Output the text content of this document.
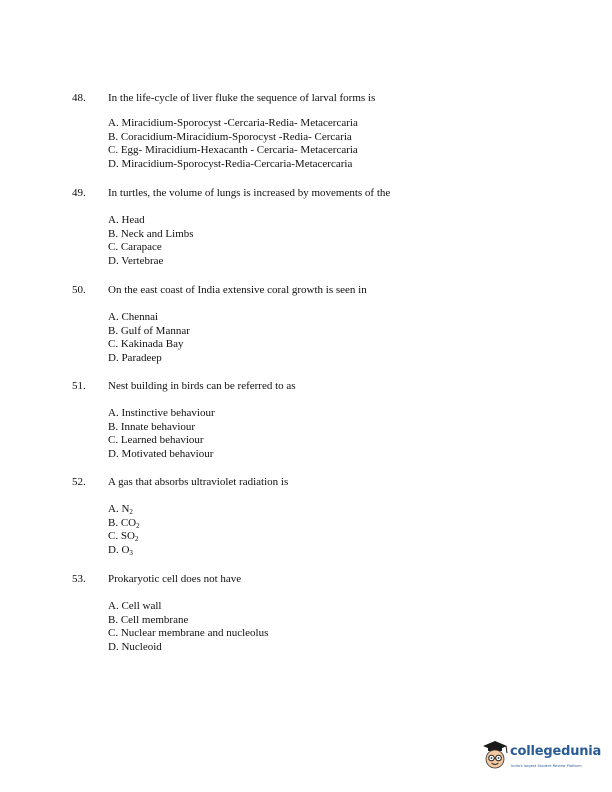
48. In the life-cycle of liver fluke the sequence of larval forms is
A. Miracidium-Sporocyst -Cercaria-Redia- Metacercaria
B. Coracidium-Miracidium-Sporocyst -Redia- Cercaria
C. Egg- Miracidium-Hexacanth - Cercaria- Metacercaria
D. Miracidium-Sporocyst-Redia-Cercaria-Metacercaria
49. In turtles, the volume of lungs is increased by movements of the
A. Head
B. Neck and Limbs
C. Carapace
D. Vertebrae
50. On the east coast of India extensive coral growth is seen in
A. Chennai
B. Gulf of Mannar
C. Kakinada Bay
D. Paradeep
51. Nest building in birds can be referred to as
A. Instinctive behaviour
B. Innate behaviour
C. Learned behaviour
D. Motivated behaviour
52. A gas that absorbs ultraviolet radiation is
A. $N_2$
B. $CO_2$
C. $SO_2$
D. $O_3$
53. Prokaryotic cell does not have
A. Cell wall
B. Cell membrane
C. Nuclear membrane and nucleolus
D. Nucleoid
collegedunia
India's largest Student Review Platform
